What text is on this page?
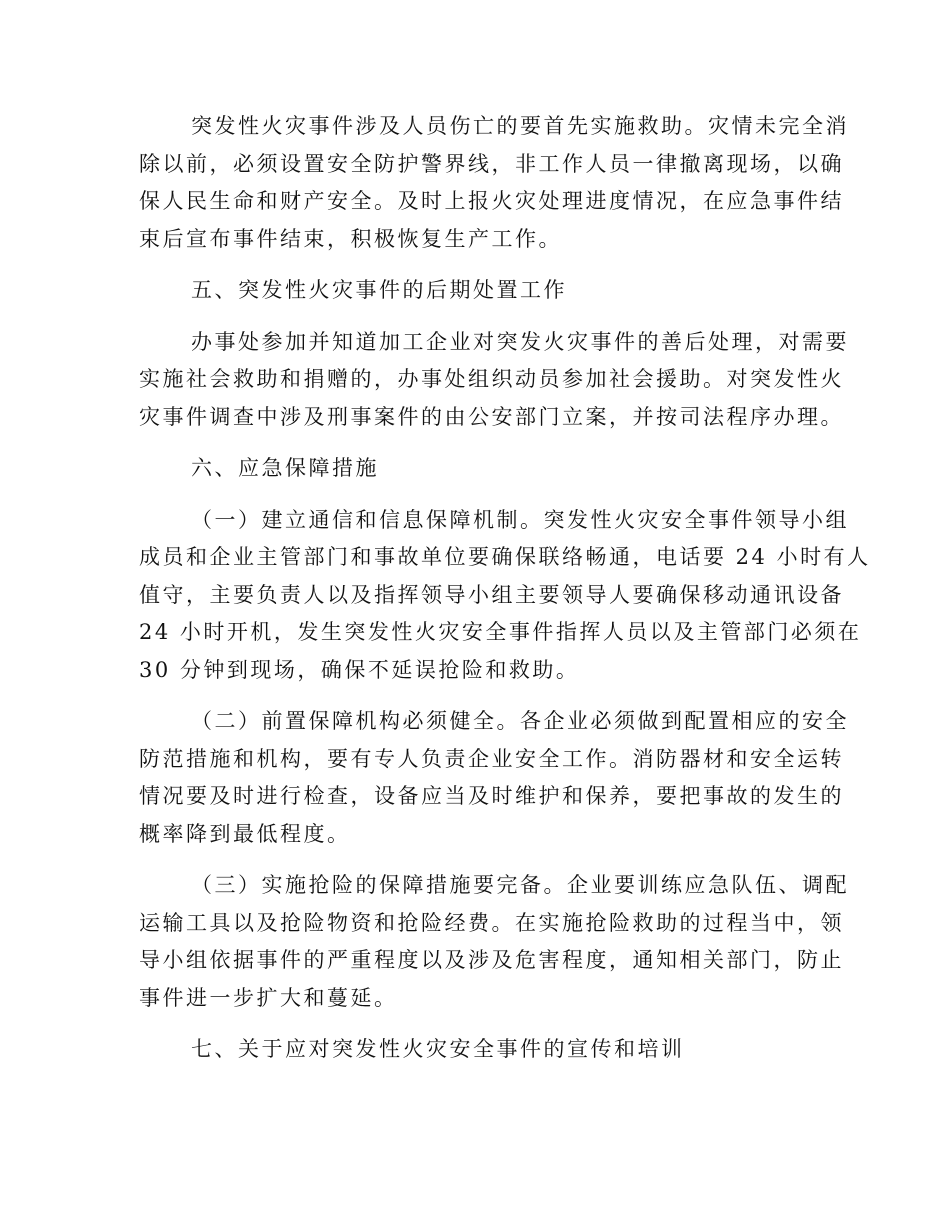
突发性火灾事件涉及人员伤亡的要首先实施救助。灾情未完全消
除以前，必须设置安全防护警界线，非工作人员一律撤离现场，以确
保人民生命和财产安全。及时上报火灾处理进度情况，在应急事件结
束后宣布事件结束，积极恢复生产工作。
五、突发性火灾事件的后期处置工作
办事处参加并知道加工企业对突发火灾事件的善后处理，对需要
实施社会救助和捐赠的，办事处组织动员参加社会援助。对突发性火
灾事件调查中涉及刑事案件的由公安部门立案，并按司法程序办理。
六、应急保障措施
（一）建立通信和信息保障机制。突发性火灾安全事件领导小组
成员和企业主管部门和事故单位要确保联络畅通，电话要 24 小时有人
值守，主要负责人以及指挥领导小组主要领导人要确保移动通讯设备
24 小时开机，发生突发性火灾安全事件指挥人员以及主管部门必须在
30 分钟到现场，确保不延误抢险和救助。
（二）前置保障机构必须健全。各企业必须做到配置相应的安全
防范措施和机构，要有专人负责企业安全工作。消防器材和安全运转
情况要及时进行检查，设备应当及时维护和保养，要把事故的发生的
概率降到最低程度。
（三）实施抢险的保障措施要完备。企业要训练应急队伍、调配
运输工具以及抢险物资和抢险经费。在实施抢险救助的过程当中，领
导小组依据事件的严重程度以及涉及危害程度，通知相关部门，防止
事件进一步扩大和蔓延。
七、关于应对突发性火灾安全事件的宣传和培训
